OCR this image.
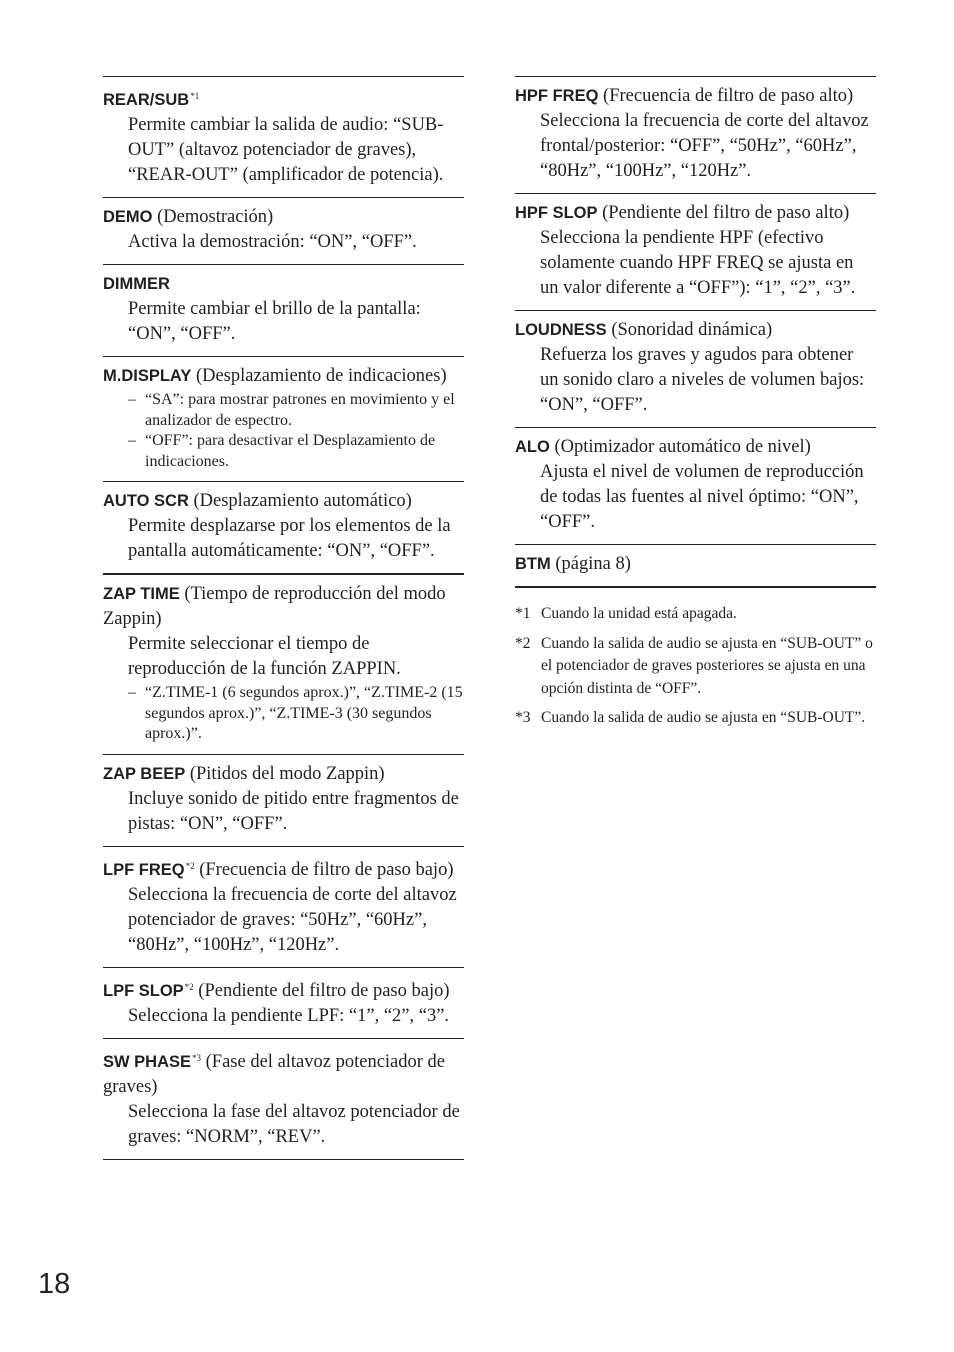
REAR/SUB$^{*1}$
Permite cambiar la salida de audio: “SUB-OUT” (altavoz potenciador de graves), “REAR-OUT” (amplificador de potencia).
DEMO (Demostración)
Activa la demostración: “ON”, “OFF”.
DIMMER
Permite cambiar el brillo de la pantalla: “ON”, “OFF”.
M.DISPLAY (Desplazamiento de indicaciones)
– “SA”: para mostrar patrones en movimiento y el analizador de espectro.
– “OFF”: para desactivar el Desplazamiento de indicaciones.
AUTO SCR (Desplazamiento automático)
Permite desplazarse por los elementos de la pantalla automáticamente: “ON”, “OFF”.
ZAP TIME (Tiempo de reproducción del modo Zappin)
Permite seleccionar el tiempo de reproducción de la función ZAPPIN.
– “Z.TIME-1 (6 segundos aprox.)”, “Z.TIME-2 (15 segundos aprox.)”, “Z.TIME-3 (30 segundos aprox.)”.
ZAP BEEP (Pitidos del modo Zappin)
Incluye sonido de pitido entre fragmentos de pistas: “ON”, “OFF”.
LPF FREQ$^{*2}$ (Frecuencia de filtro de paso bajo)
Selecciona la frecuencia de corte del altavoz potenciador de graves: “50Hz”, “60Hz”, “80Hz”, “100Hz”, “120Hz”.
LPF SLOP$^{*2}$ (Pendiente del filtro de paso bajo)
Selecciona la pendiente LPF: “1”, “2”, “3”.
SW PHASE$^{*3}$ (Fase del altavoz potenciador de graves)
Selecciona la fase del altavoz potenciador de graves: “NORM”, “REV”.
HPF FREQ (Frecuencia de filtro de paso alto)
Selecciona la frecuencia de corte del altavoz frontal/posterior: “OFF”, “50Hz”, “60Hz”, “80Hz”, “100Hz”, “120Hz”.
HPF SLOP (Pendiente del filtro de paso alto)
Selecciona la pendiente HPF (efectivo solamente cuando HPF FREQ se ajusta en un valor diferente a “OFF”): “1”, “2”, “3”.
LOUDNESS (Sonoridad dinámica)
Refuerza los graves y agudos para obtener un sonido claro a niveles de volumen bajos: “ON”, “OFF”.
ALO (Optimizador automático de nivel)
Ajusta el nivel de volumen de reproducción de todas las fuentes al nivel óptimo: “ON”, “OFF”.
BTM (página 8)
*1 Cuando la unidad está apagada.
*2 Cuando la salida de audio se ajusta en “SUB-OUT” o el potenciador de graves posteriores se ajusta en una opción distinta de “OFF”.
*3 Cuando la salida de audio se ajusta en “SUB-OUT”.
18
